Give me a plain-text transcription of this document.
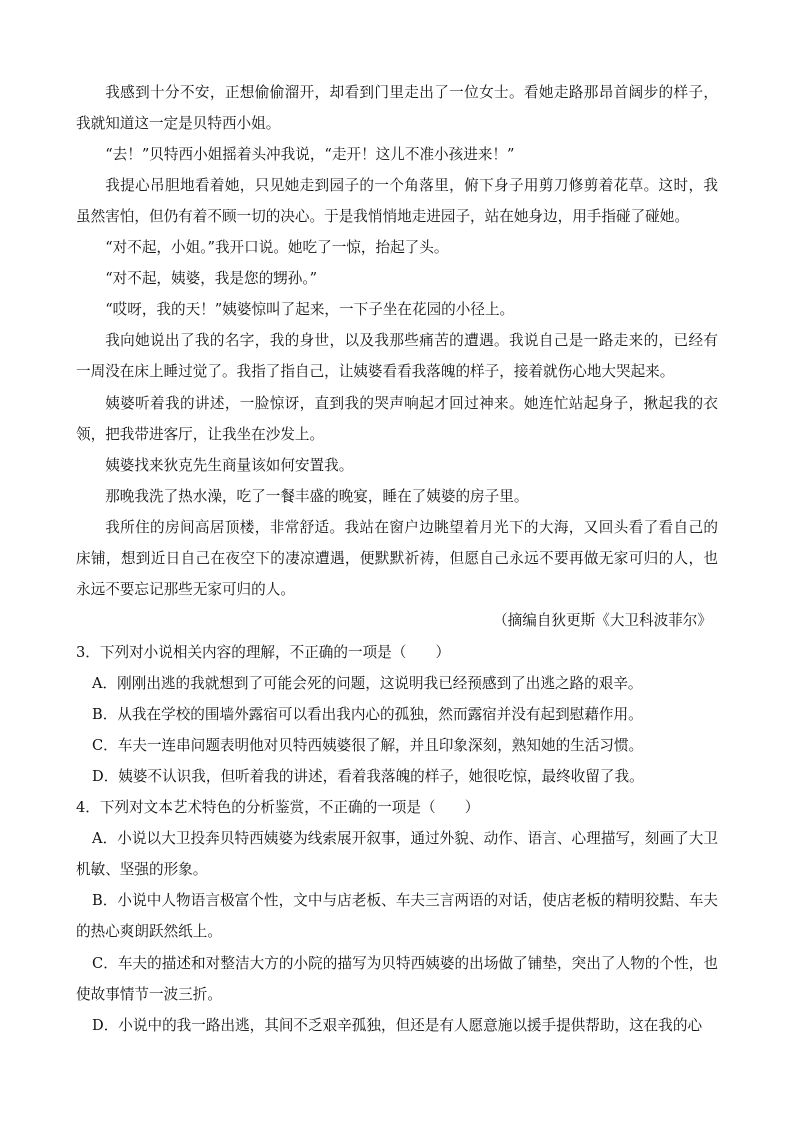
我感到十分不安，正想偷偷溜开，却看到门里走出了一位女士。看她走路那昂首阔步的样子，我就知道这一定是贝特西小姐。

“去！”贝特西小姐摇着头冲我说，“走开！这儿不准小孩进来！”

我提心吊胆地看着她，只见她走到园子的一个角落里，俯下身子用剪刀修剪着花草。这时，我虽然害怕，但仍有着不顾一切的决心。于是我悄悄地走进园子，站在她身边，用手指碰了碰她。

“对不起，小姐。”我开口说。她吃了一惊，抬起了头。

“对不起，姨婆，我是您的甥孙。”

“哎呀，我的天！”姨婆惊叫了起来，一下子坐在花园的小径上。

我向她说出了我的名字，我的身世，以及我那些痛苦的遭遇。我说自己是一路走来的，已经有一周没在床上睡过觉了。我指了指自己，让姨婆看看我落魄的样子，接着就伤心地大哭起来。

姨婆听着我的讲述，一脸惊讶，直到我的哭声响起才回过神来。她连忙站起身子，揪起我的衣领，把我带进客厅，让我坐在沙发上。

姨婆找来狄克先生商量该如何安置我。

那晚我洗了热水澡，吃了一餐丰盛的晚宴，睡在了姨婆的房子里。

我所住的房间高居顶楼，非常舒适。我站在窗户边眺望着月光下的大海，又回头看了看自己的床铺，想到近日自己在夜空下的凄凉遭遇，便默默祈祷，但愿自己永远不要再做无家可归的人，也永远不要忘记那些无家可归的人。

（摘编自狄更斯《大卫科波菲尔》

3．下列对小说相关内容的理解，不正确的一项是（　　）

A．刚刚出逃的我就想到了可能会死的问题，这说明我已经预感到了出逃之路的艰辛。

B．从我在学校的围墙外露宿可以看出我内心的孤独，然而露宿并没有起到慰藉作用。

C．车夫一连串问题表明他对贝特西姨婆很了解，并且印象深刻，熟知她的生活习惯。

D．姨婆不认识我，但听着我的讲述，看着我落魄的样子，她很吃惊，最终收留了我。

4．下列对文本艺术特色的分析鉴赏，不正确的一项是（　　）

A．小说以大卫投奔贝特西姨婆为线索展开叙事，通过外貌、动作、语言、心理描写，刻画了大卫机敏、坚强的形象。

B．小说中人物语言极富个性，文中与店老板、车夫三言两语的对话，使店老板的精明狡黠、车夫的热心爽朗跃然纸上。

C．车夫的描述和对整洁大方的小院的描写为贝特西姨婆的出场做了铺垫，突出了人物的个性，也使故事情节一波三折。

D．小说中的我一路出逃，其间不乏艰辛孤独，但还是有人愿意施以援手提供帮助，这在我的心
